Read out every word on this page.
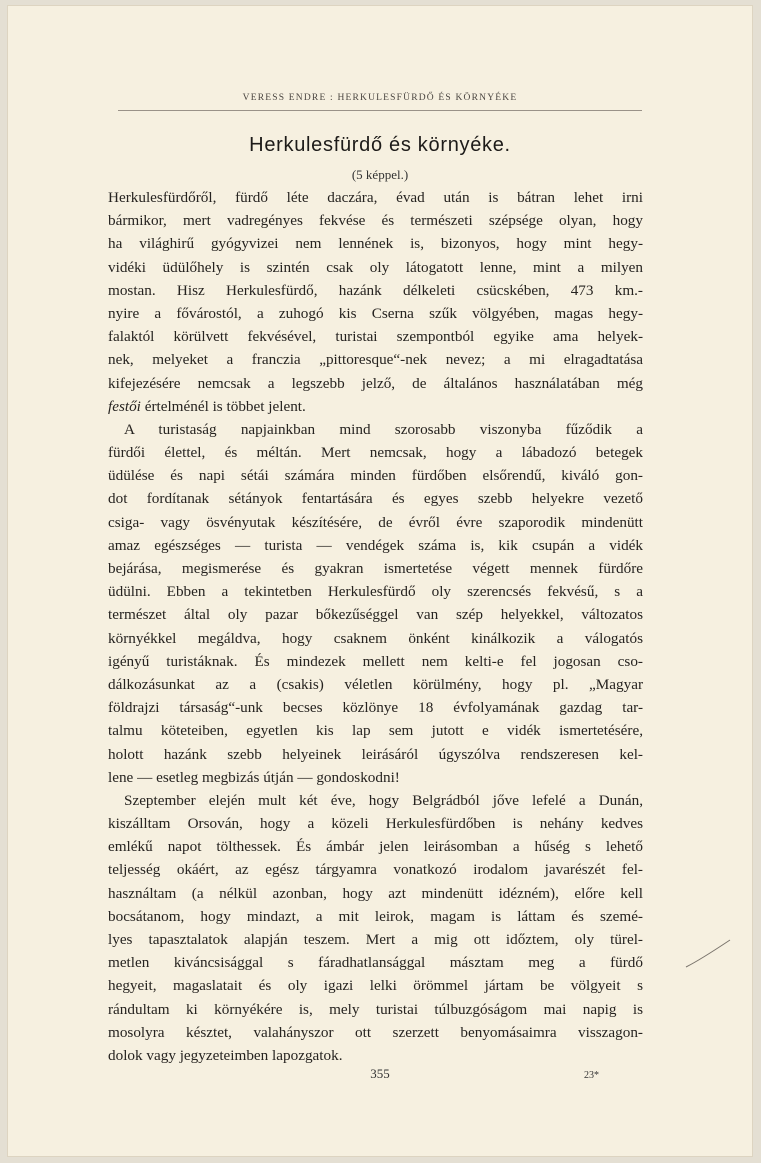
VERESS ENDRE : HERKULESFÜRDŐ ÉS KÖRNYÉKE
Herkulesfürdő és környéke.
(5 képpel.)
Herkulesfürdőről, fürdő léte daczára, évad után is bátran lehet irni
bármikor, mert vadregényes fekvése és természeti szépsége olyan, hogy
ha világhirű gyógyvizei nem lennének is, bizonyos, hogy mint hegy-
vidéki üdülőhely is szintén csak oly látogatott lenne, mint a milyen
mostan. Hisz Herkulesfürdő, hazánk délkeleti csücskében, 473 km.-
nyire a fővárostól, a zuhogó kis Cserna szűk völgyében, magas hegy-
falaktól körülvett fekvésével, turistai szempontból egyike ama helyek-
nek, melyeket a franczia „pittoresque“-nek nevez; a mi elragadtatása
kifejezésére nemcsak a legszebb jelző, de általános használatában még
festői értelménél is többet jelent.
A turistaság napjainkban mind szorosabb viszonyba fűződik a
fürdői élettel, és méltán. Mert nemcsak, hogy a lábadozó betegek
üdülése és napi sétái számára minden fürdőben elsőrendű, kiváló gon-
dot fordítanak sétányok fentartására és egyes szebb helyekre vezető
csiga- vagy ösvényutak készítésére, de évről évre szaporodik mindenütt
amaz egészséges — turista — vendégek száma is, kik csupán a vidék
bejárása, megismerése és gyakran ismertetése végett mennek fürdőre
üdülni. Ebben a tekintetben Herkulesfürdő oly szerencsés fekvésű, s a
természet által oly pazar bőkezűséggel van szép helyekkel, változatos
környékkel megáldva, hogy csaknem önként kinálkozik a válogatós
igényű turistáknak. És mindezek mellett nem kelti-e fel jogosan cso-
dálkozásunkat az a (csakis) véletlen körülmény, hogy pl. „Magyar
földrajzi társaság“-unk becses közlönye 18 évfolyamának gazdag tar-
talmu köteteiben, egyetlen kis lap sem jutott e vidék ismertetésére,
holott hazánk szebb helyeinek leirásáról úgyszólva rendszeresen kel-
lene — esetleg megbizás útján — gondoskodni!
Szeptember elején mult két éve, hogy Belgrádból jőve lefelé a Dunán,
kiszálltam Orsován, hogy a közeli Herkulesfürdőben is nehány kedves
emlékű napot tölthessek. És ámbár jelen leirásomban a hűség s lehető
teljesség okáért, az egész tárgyamra vonatkozó irodalom javarészét fel-
használtam (a nélkül azonban, hogy azt mindenütt idézném), előre kell
bocsátanom, hogy mindazt, a mit leirok, magam is láttam és szemé-
lyes tapasztalatok alapján teszem. Mert a mig ott időztem, oly türel-
metlen kiváncsisággal s fáradhatlansággal másztam meg a fürdő
hegyeit, magaslatait és oly igazi lelki örömmel jártam be völgyeit s
rándultam ki környékére is, mely turistai túlbuzgóságom mai napig is
mosolyra késztet, valahányszor ott szerzett benyomásaimra visszagon-
dolok vagy jegyzeteimben lapozgatok.
355	23*
